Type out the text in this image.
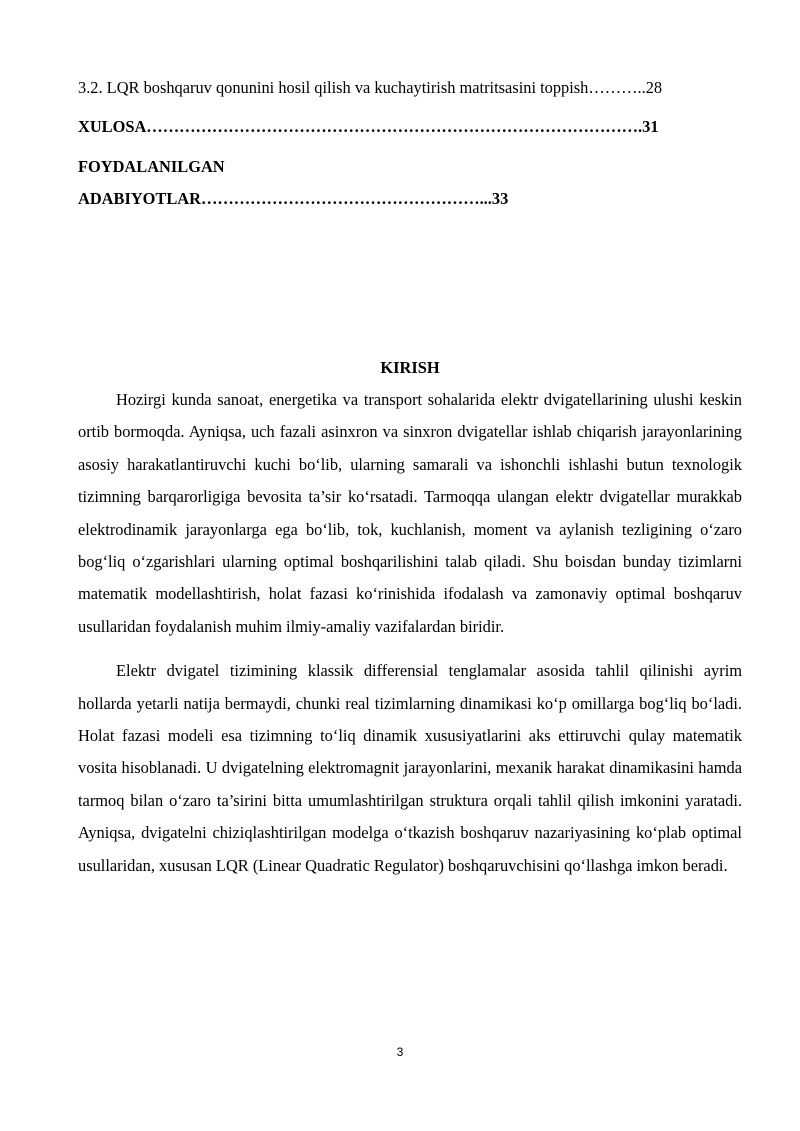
3.2. LQR boshqaruv qonunini hosil qilish va kuchaytirish matritsasini toppish………..28

XULOSA……………………………………………………………………………….31

FOYDALANILGAN

ADABIYOTLAR……………………………………………...33

KIRISH

Hozirgi kunda sanoat, energetika va transport sohalarida elektr dvigatellarining ulushi keskin ortib bormoqda. Ayniqsa, uch fazali asinxron va sinxron dvigatellar ishlab chiqarish jarayonlarining asosiy harakatlantiruvchi kuchi bo‘lib, ularning samarali va ishonchli ishlashi butun texnologik tizimning barqarorligiga bevosita ta’sir ko‘rsatadi. Tarmoqqa ulangan elektr dvigatellar murakkab elektrodinamik jarayonlarga ega bo‘lib, tok, kuchlanish, moment va aylanish tezligining o‘zaro bog‘liq o‘zgarishlari ularning optimal boshqarilishini talab qiladi. Shu boisdan bunday tizimlarni matematik modellashtirish, holat fazasi ko‘rinishida ifodalash va zamonaviy optimal boshqaruv usullaridan foydalanish muhim ilmiy-amaliy vazifalardan biridir.

Elektr dvigatel tizimining klassik differensial tenglamalar asosida tahlil qilinishi ayrim hollarda yetarli natija bermaydi, chunki real tizimlarning dinamikasi ko‘p omillarga bog‘liq bo‘ladi. Holat fazasi modeli esa tizimning to‘liq dinamik xususiyatlarini aks ettiruvchi qulay matematik vosita hisoblanadi. U dvigatelning elektromagnit jarayonlarini, mexanik harakat dinamikasini hamda tarmoq bilan o‘zaro ta’sirini bitta umumlashtirilgan struktura orqali tahlil qilish imkonini yaratadi. Ayniqsa, dvigatelni chiziqlashtirilgan modelga o‘tkazish boshqaruv nazariyasining ko‘plab optimal usullaridan, xususan LQR (Linear Quadratic Regulator) boshqaruvchisini qo‘llashga imkon beradi.

3
